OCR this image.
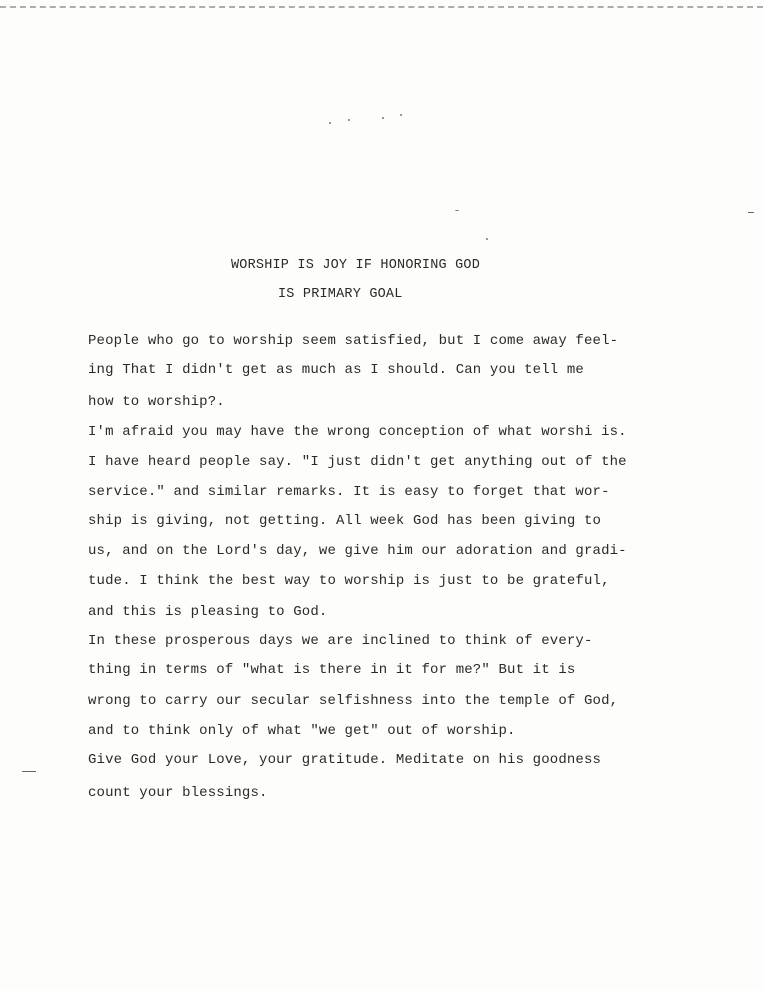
WORSHIP IS JOY IF HONORING GOD
IS PRIMARY GOAL

People who go to worship seem satisfied, but I come away feel-

ing That I didn't get as much as I should. Can you tell me

how to worship?.

I'm afraid you may have the wrong conception of what worshi is.

I have heard people say. "I just didn't get anything out of the

service." and similar remarks. It is easy to forget that wor-

ship is giving, not getting. All week God has been giving to

us, and on the Lord's day, we give him our adoration and gradi-

tude. I think the best way to worship is just to be grateful,

and this is pleasing to God.

In these prosperous days we are inclined to think of every-

thing in terms of "what is there in it for me?" But it is

wrong to carry our secular selfishness into the temple of God,

and to think only of what "we get" out of worship.

Give God your Love, your gratitude. Meditate on his goodness

count your blessings.
